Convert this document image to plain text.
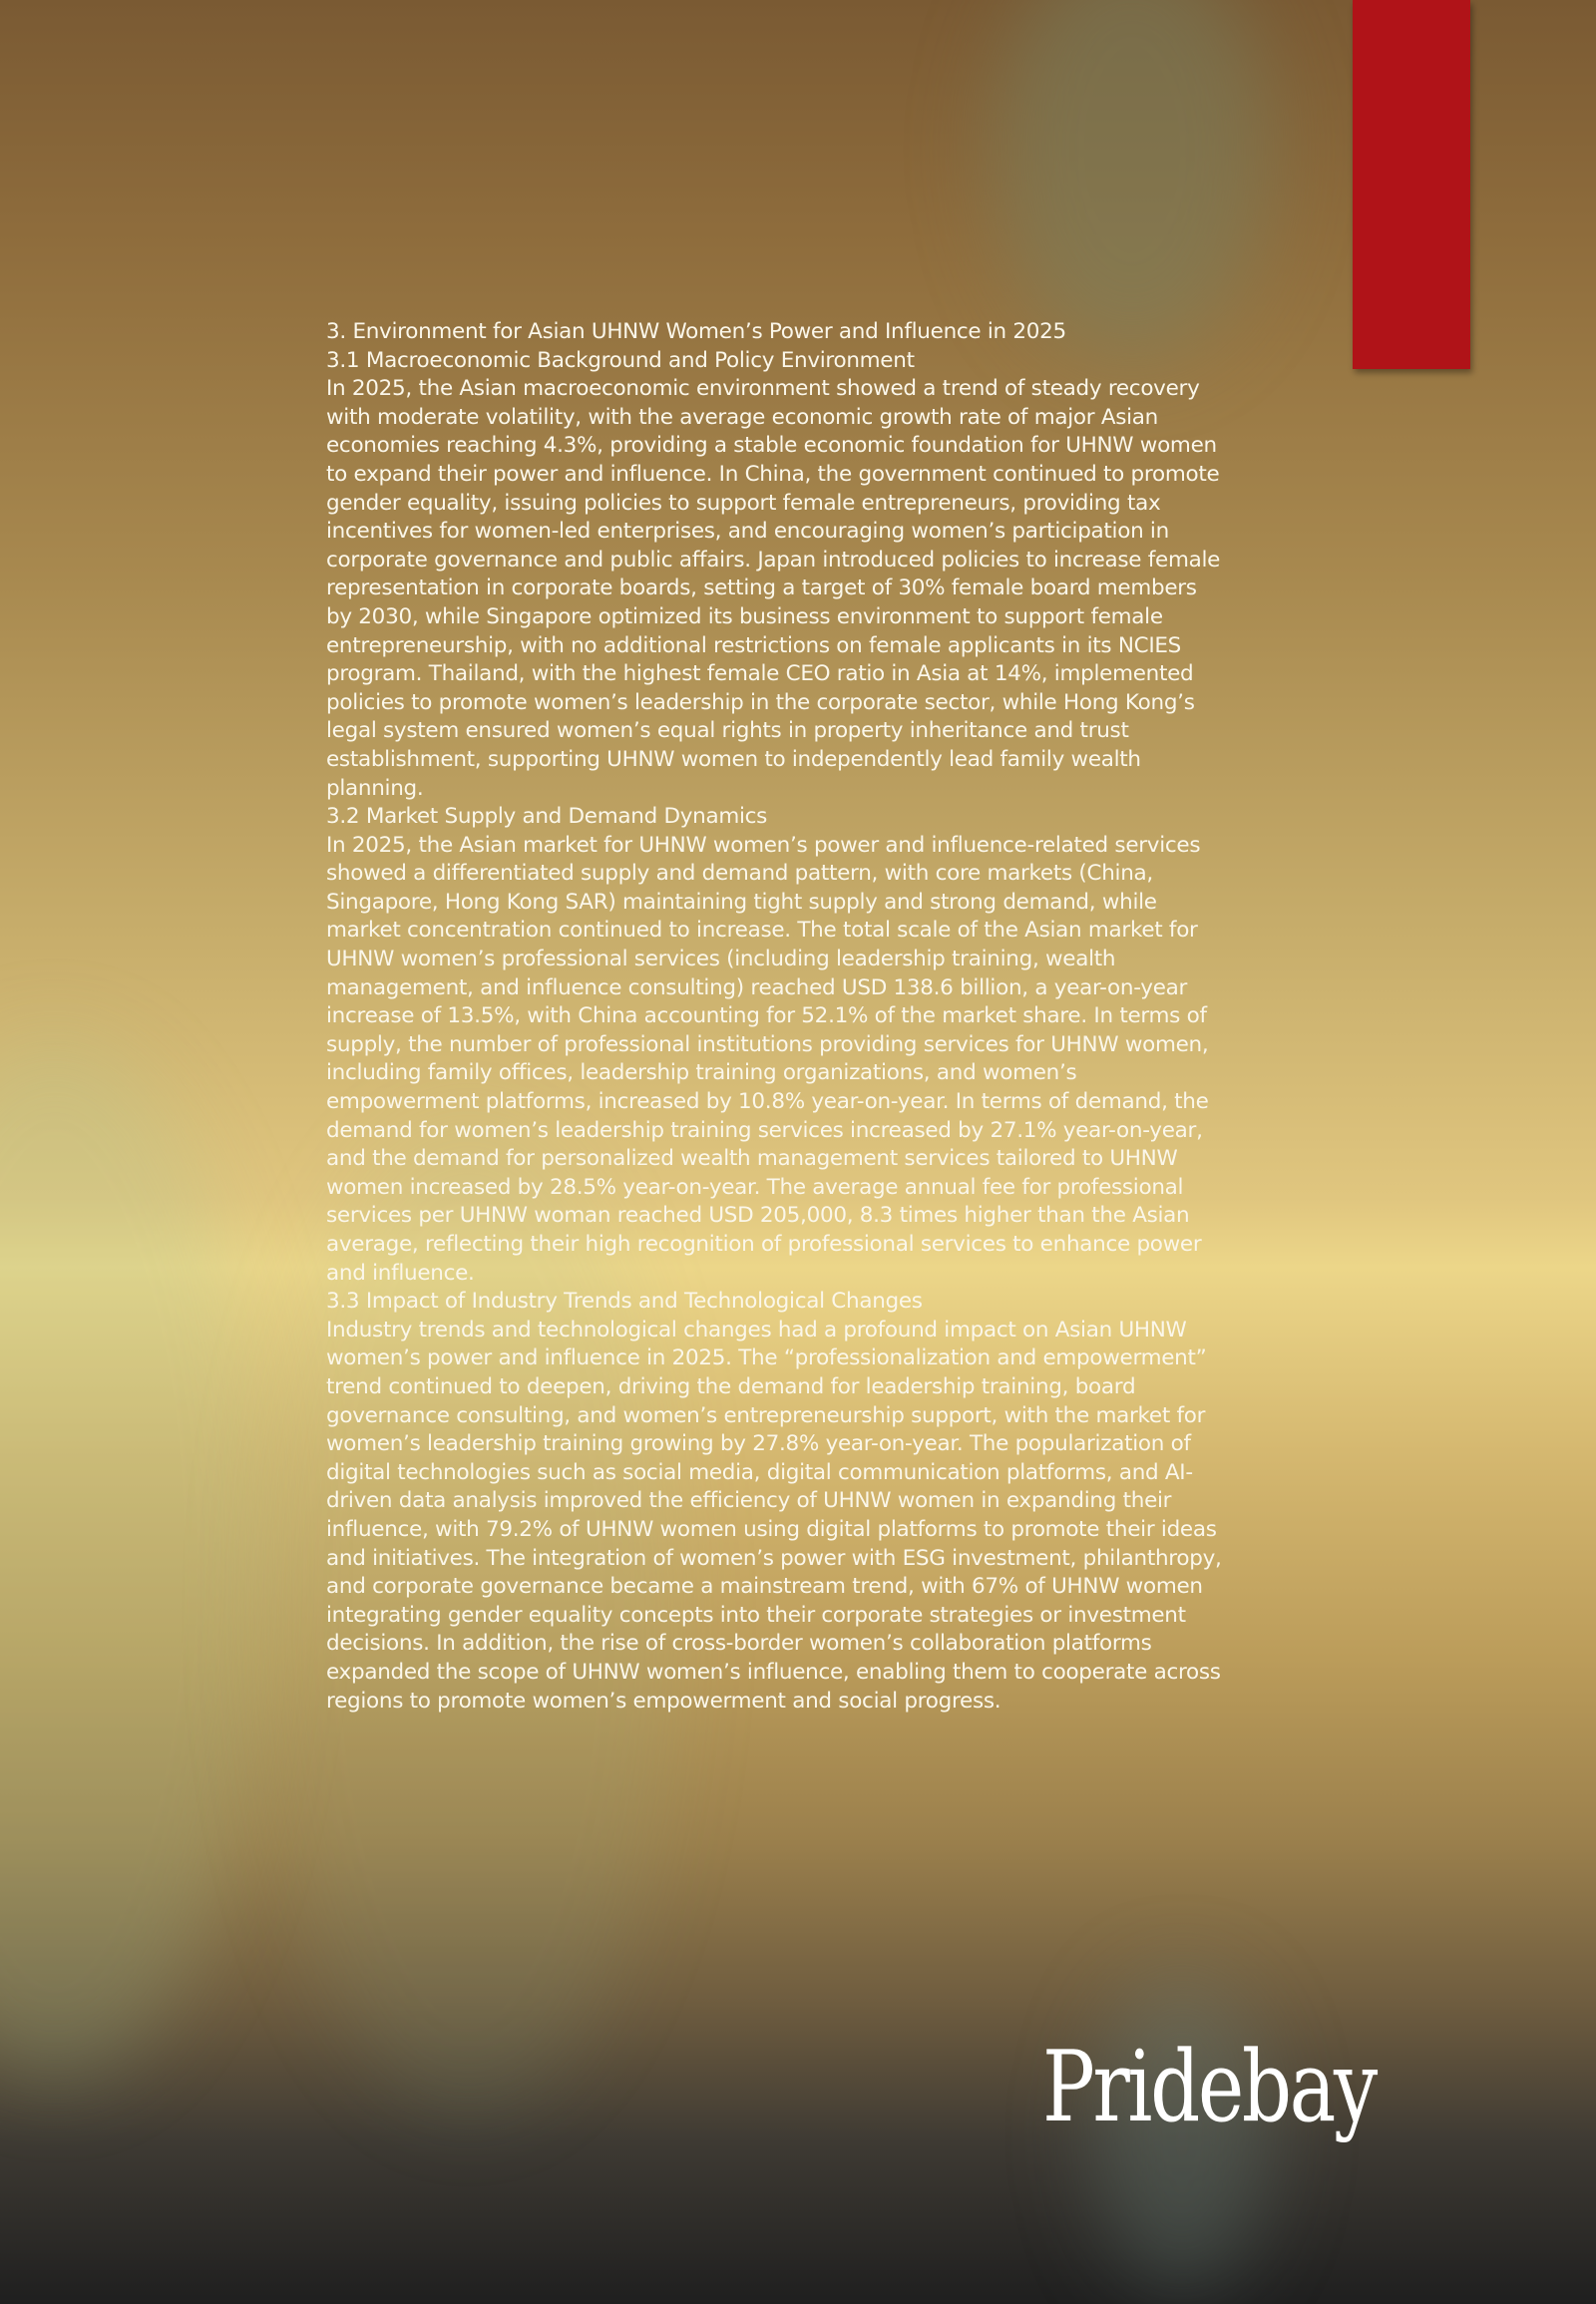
3. Environment for Asian UHNW Women’s Power and Influence in 2025
3.1 Macroeconomic Background and Policy Environment

In 2025, the Asian macroeconomic environment showed a trend of steady recovery with moderate volatility, with the average economic growth rate of major Asian economies reaching 4.3%, providing a stable economic foundation for UHNW women to expand their power and influence. In China, the government continued to promote gender equality, issuing policies to support female entrepreneurs, providing tax incentives for women-led enterprises, and encouraging women’s participation in corporate governance and public affairs. Japan introduced policies to increase female representation in corporate boards, setting a target of 30% female board members by 2030, while Singapore optimized its business environment to support female entrepreneurship, with no additional restrictions on female applicants in its NCIES program. Thailand, with the highest female CEO ratio in Asia at 14%, implemented policies to promote women’s leadership in the corporate sector, while Hong Kong’s legal system ensured women’s equal rights in property inheritance and trust establishment, supporting UHNW women to independently lead family wealth planning.

3.2 Market Supply and Demand Dynamics

In 2025, the Asian market for UHNW women’s power and influence-related services showed a differentiated supply and demand pattern, with core markets (China, Singapore, Hong Kong SAR) maintaining tight supply and strong demand, while market concentration continued to increase. The total scale of the Asian market for UHNW women’s professional services (including leadership training, wealth management, and influence consulting) reached USD 138.6 billion, a year-on-year increase of 13.5%, with China accounting for 52.1% of the market share. In terms of supply, the number of professional institutions providing services for UHNW women, including family offices, leadership training organizations, and women’s empowerment platforms, increased by 10.8% year-on-year. In terms of demand, the demand for women’s leadership training services increased by 27.1% year-on-year, and the demand for personalized wealth management services tailored to UHNW women increased by 28.5% year-on-year. The average annual fee for professional services per UHNW woman reached USD 205,000, 8.3 times higher than the Asian average, reflecting their high recognition of professional services to enhance power and influence.

3.3 Impact of Industry Trends and Technological Changes

Industry trends and technological changes had a profound impact on Asian UHNW women’s power and influence in 2025. The “professionalization and empowerment” trend continued to deepen, driving the demand for leadership training, board governance consulting, and women’s entrepreneurship support, with the market for women’s leadership training growing by 27.8% year-on-year. The popularization of digital technologies such as social media, digital communication platforms, and AI-driven data analysis improved the efficiency of UHNW women in expanding their influence, with 79.2% of UHNW women using digital platforms to promote their ideas and initiatives. The integration of women’s power with ESG investment, philanthropy, and corporate governance became a mainstream trend, with 67% of UHNW women integrating gender equality concepts into their corporate strategies or investment decisions. In addition, the rise of cross-border women’s collaboration platforms expanded the scope of UHNW women’s influence, enabling them to cooperate across regions to promote women’s empowerment and social progress.

Pridebay
